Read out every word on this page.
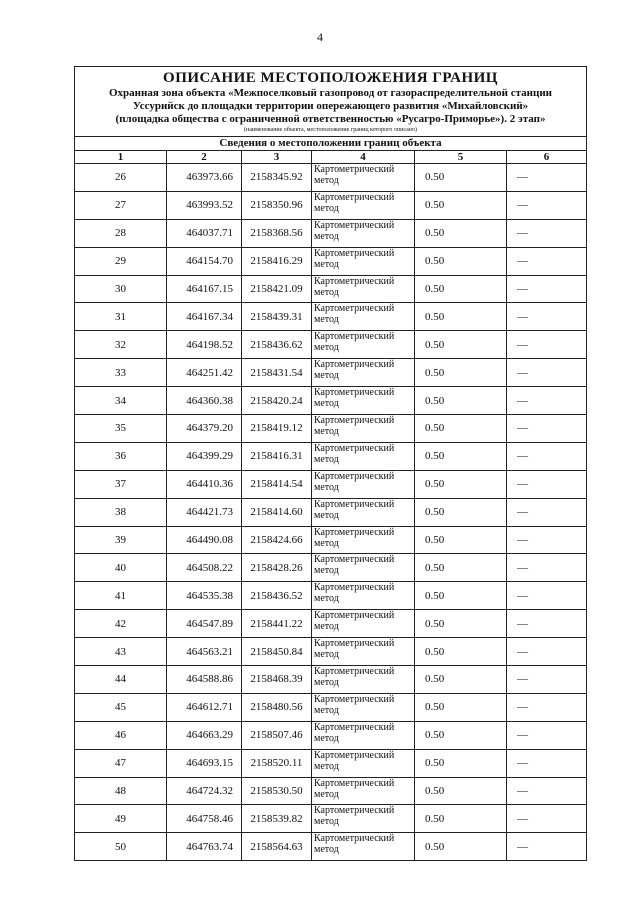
4
ОПИСАНИЕ МЕСТОПОЛОЖЕНИЯ ГРАНИЦ
Охранная зона объекта «Межпоселковый газопровод от газораспределительной станции
Уссурийск до площадки территории опережающего развития «Михайловский»
(площадка общества с ограниченной ответственностью «Русагро-Приморье»). 2 этап»
(наименование объекта, местоположение границ которого описано)					

Сведения о местоположении границ объекта					
1	2	3	4	5	6
26	463973.66	2158345.92	Картометрический метод	0.50	—
27	463993.52	2158350.96	Картометрический метод	0.50	—
28	464037.71	2158368.56	Картометрический метод	0.50	—
29	464154.70	2158416.29	Картометрический метод	0.50	—
30	464167.15	2158421.09	Картометрический метод	0.50	—
31	464167.34	2158439.31	Картометрический метод	0.50	—
32	464198.52	2158436.62	Картометрический метод	0.50	—
33	464251.42	2158431.54	Картометрический метод	0.50	—
34	464360.38	2158420.24	Картометрический метод	0.50	—
35	464379.20	2158419.12	Картометрический метод	0.50	—
36	464399.29	2158416.31	Картометрический метод	0.50	—
37	464410.36	2158414.54	Картометрический метод	0.50	—
38	464421.73	2158414.60	Картометрический метод	0.50	—
39	464490.08	2158424.66	Картометрический метод	0.50	—
40	464508.22	2158428.26	Картометрический метод	0.50	—
41	464535.38	2158436.52	Картометрический метод	0.50	—
42	464547.89	2158441.22	Картометрический метод	0.50	—
43	464563.21	2158450.84	Картометрический метод	0.50	—
44	464588.86	2158468.39	Картометрический метод	0.50	—
45	464612.71	2158480.56	Картометрический метод	0.50	—
46	464663.29	2158507.46	Картометрический метод	0.50	—
47	464693.15	2158520.11	Картометрический метод	0.50	—
48	464724.32	2158530.50	Картометрический метод	0.50	—
49	464758.46	2158539.82	Картометрический метод	0.50	—
50	464763.74	2158564.63	Картометрический метод	0.50	—
